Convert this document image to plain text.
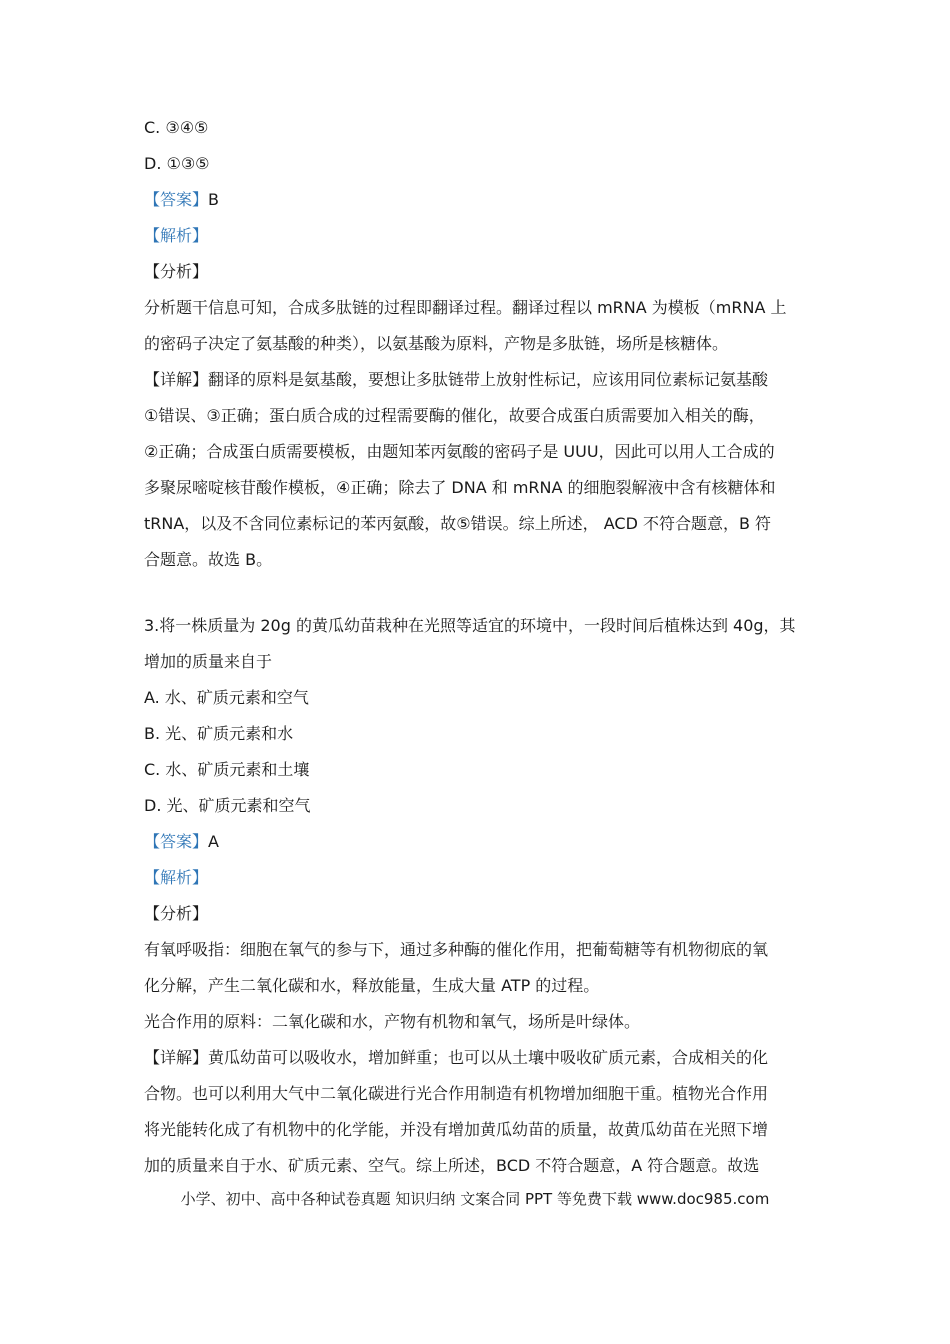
C. ③④⑤
D. ①③⑤
【答案】B
【解析】
【分析】
分析题干信息可知，合成多肽链的过程即翻译过程。翻译过程以 mRNA 为模板（mRNA 上
的密码子决定了氨基酸的种类），以氨基酸为原料，产物是多肽链，场所是核糖体。
【详解】翻译的原料是氨基酸，要想让多肽链带上放射性标记，应该用同位素标记氨基酸
①错误、③正确；蛋白质合成的过程需要酶的催化，故要合成蛋白质需要加入相关的酶，
②正确；合成蛋白质需要模板，由题知苯丙氨酸的密码子是 UUU，因此可以用人工合成的
多聚尿嘧啶核苷酸作模板，④正确；除去了 DNA 和 mRNA 的细胞裂解液中含有核糖体和
tRNA，以及不含同位素标记的苯丙氨酸，故⑤错误。综上所述， ACD 不符合题意，B 符
合题意。故选 B。
3.将一株质量为 20g 的黄瓜幼苗栽种在光照等适宜的环境中，一段时间后植株达到 40g，其
增加的质量来自于
A. 水、矿质元素和空气
B. 光、矿质元素和水
C. 水、矿质元素和土壤
D. 光、矿质元素和空气
【答案】A
【解析】
【分析】
有氧呼吸指：细胞在氧气的参与下，通过多种酶的催化作用，把葡萄糖等有机物彻底的氧
化分解，产生二氧化碳和水，释放能量，生成大量 ATP 的过程。
光合作用的原料：二氧化碳和水，产物有机物和氧气，场所是叶绿体。
【详解】黄瓜幼苗可以吸收水，增加鲜重；也可以从土壤中吸收矿质元素，合成相关的化
合物。也可以利用大气中二氧化碳进行光合作用制造有机物增加细胞干重。植物光合作用
将光能转化成了有机物中的化学能，并没有增加黄瓜幼苗的质量，故黄瓜幼苗在光照下增
加的质量来自于水、矿质元素、空气。综上所述，BCD 不符合题意，A 符合题意。故选
小学、初中、高中各种试卷真题 知识归纳 文案合同 PPT 等免费下载 www.doc985.com
